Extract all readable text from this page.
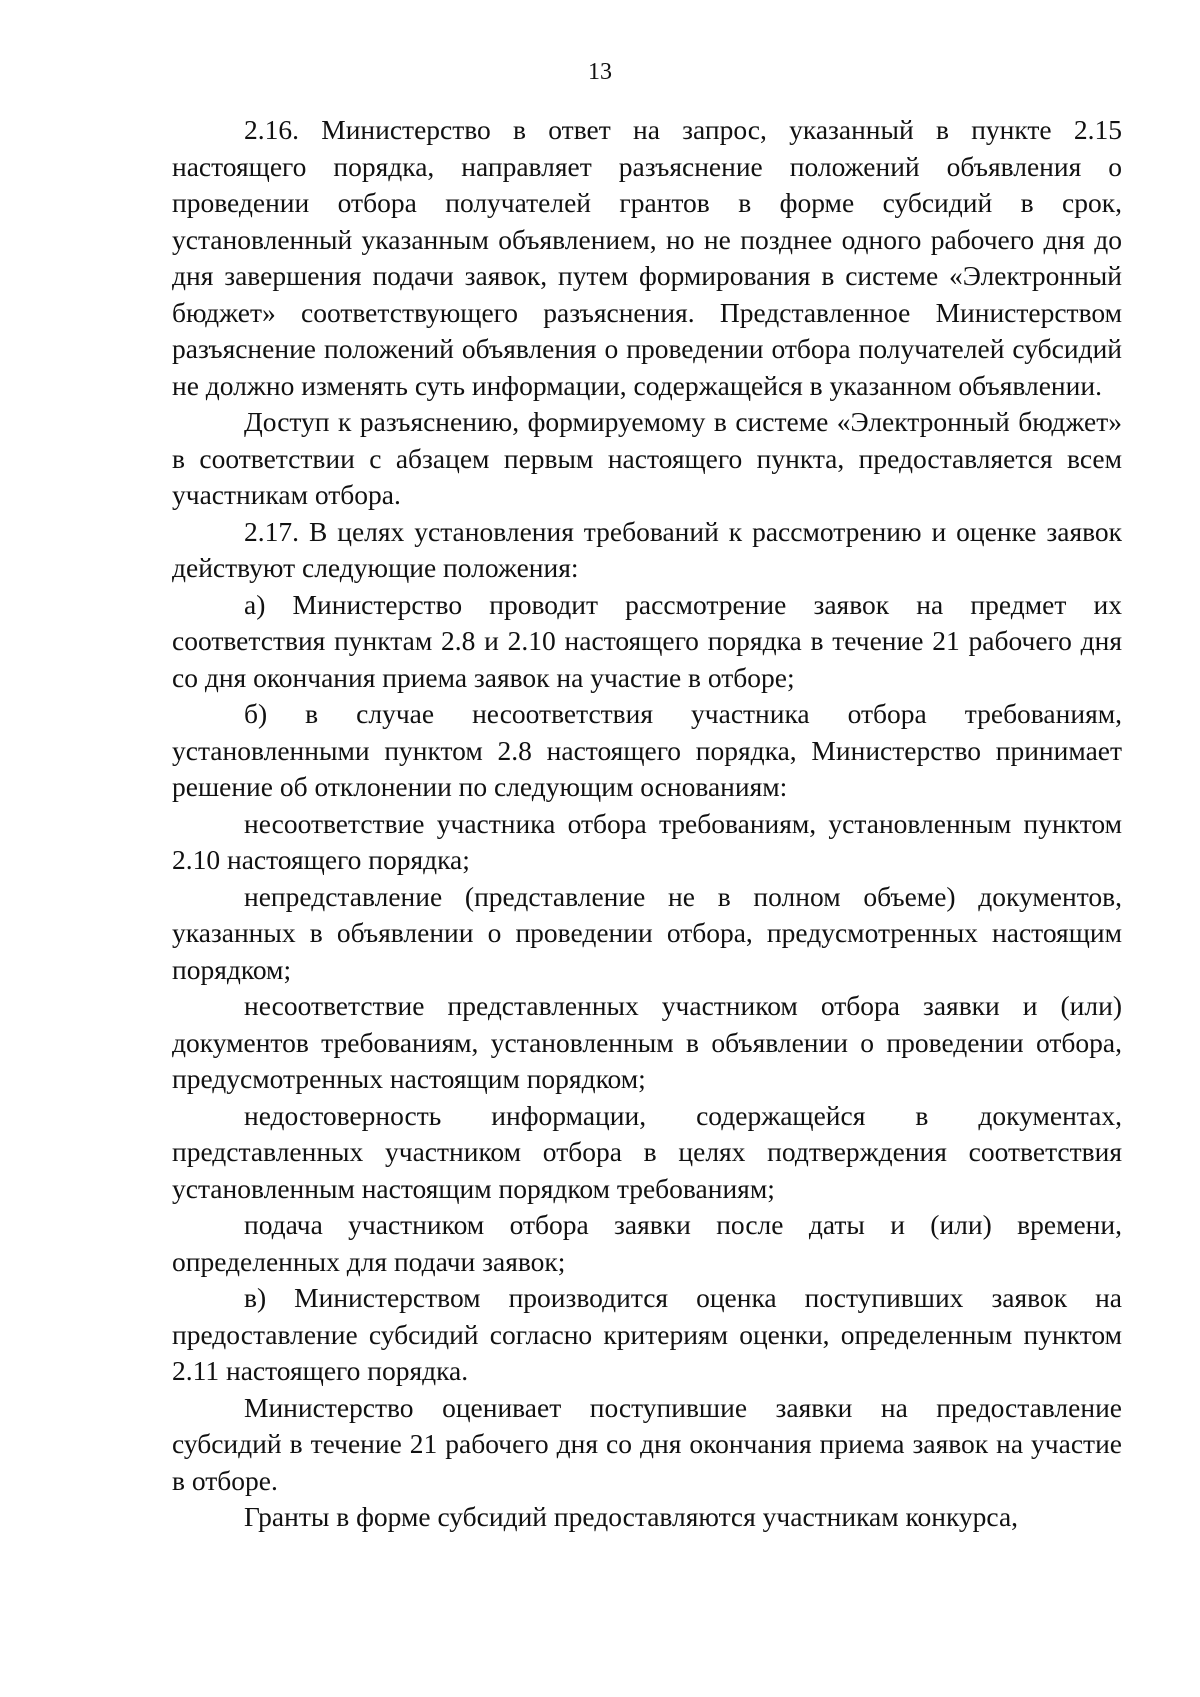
13

2.16. Министерство в ответ на запрос, указанный в пункте 2.15 настоящего порядка, направляет разъяснение положений объявления о проведении отбора получателей грантов в форме субсидий в срок, установленный указанным объявлением, но не позднее одного рабочего дня до дня завершения подачи заявок, путем формирования в системе «Электронный бюджет» соответствующего разъяснения. Представленное Министерством разъяснение положений объявления о проведении отбора получателей субсидий не должно изменять суть информации, содержащейся в указанном объявлении.

Доступ к разъяснению, формируемому в системе «Электронный бюджет» в соответствии с абзацем первым настоящего пункта, предоставляется всем участникам отбора.

2.17. В целях установления требований к рассмотрению и оценке заявок действуют следующие положения:

а) Министерство проводит рассмотрение заявок на предмет их соответствия пунктам 2.8 и 2.10 настоящего порядка в течение 21 рабочего дня со дня окончания приема заявок на участие в отборе;

б) в случае несоответствия участника отбора требованиям, установленными пунктом 2.8 настоящего порядка, Министерство принимает решение об отклонении по следующим основаниям:

несоответствие участника отбора требованиям, установленным пунктом 2.10 настоящего порядка;

непредставление (представление не в полном объеме) документов, указанных в объявлении о проведении отбора, предусмотренных настоящим порядком;

несоответствие представленных участником отбора заявки и (или) документов требованиям, установленным в объявлении о проведении отбора, предусмотренных настоящим порядком;

недостоверность информации, содержащейся в документах, представленных участником отбора в целях подтверждения соответствия установленным настоящим порядком требованиям;

подача участником отбора заявки после даты и (или) времени, определенных для подачи заявок;

в) Министерством производится оценка поступивших заявок на предоставление субсидий согласно критериям оценки, определенным пунктом 2.11 настоящего порядка.

Министерство оценивает поступившие заявки на предоставление субсидий в течение 21 рабочего дня со дня окончания приема заявок на участие в отборе.

Гранты в форме субсидий предоставляются участникам конкурса,
